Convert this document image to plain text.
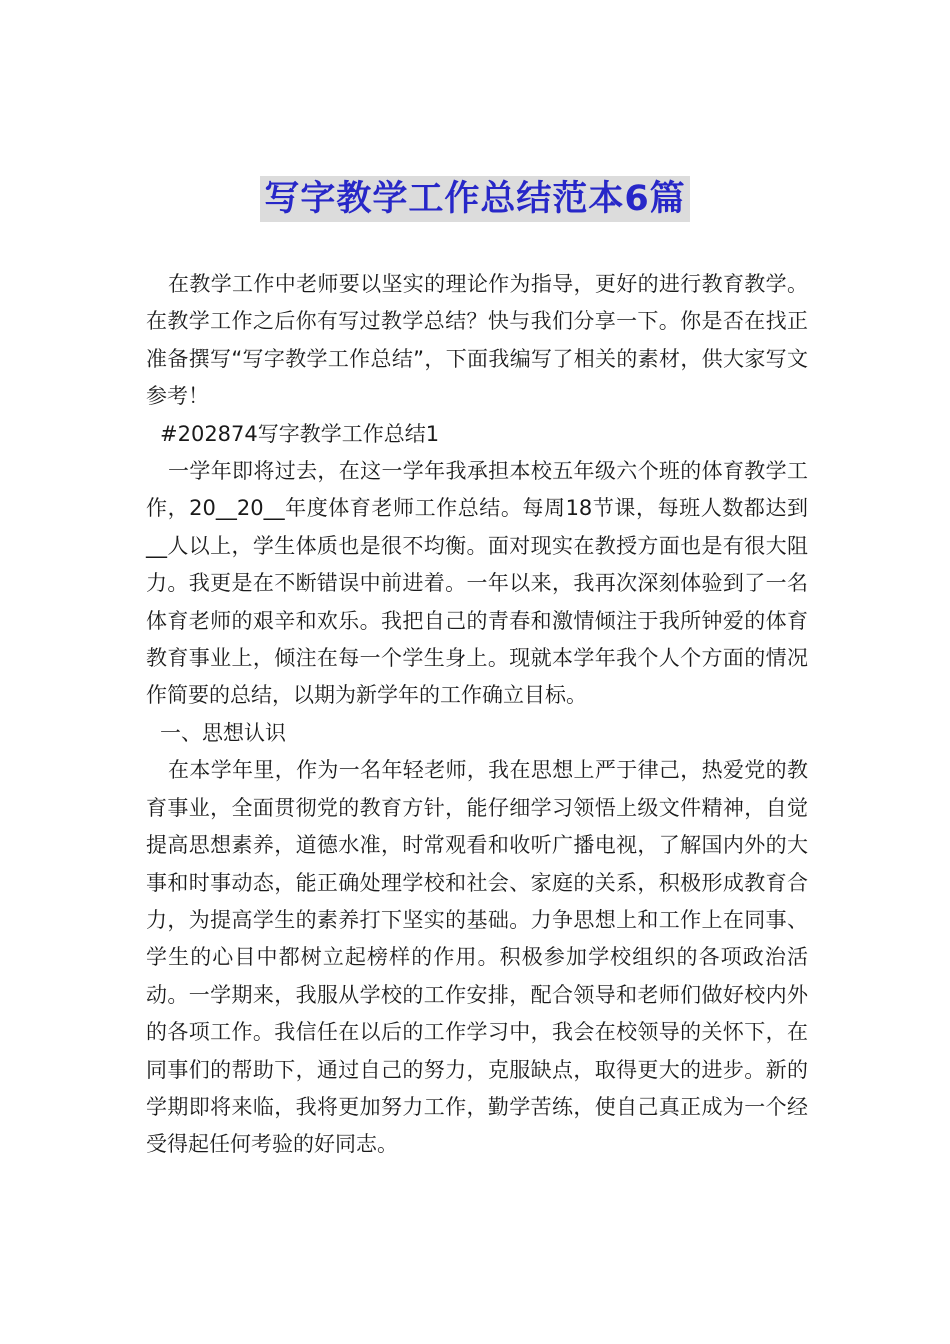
写字教学工作总结范本6篇

在教学工作中老师要以坚实的理论作为指导，更好的进行教育教学。在教学工作之后你有写过教学总结？快与我们分享一下。你是否在找正准备撰写“写字教学工作总结”，下面我编写了相关的素材，供大家写文参考！

#202874写字教学工作总结1

一学年即将过去，在这一学年我承担本校五年级六个班的体育教学工作，20__20__年度体育老师工作总结。每周18节课，每班人数都达到__人以上，学生体质也是很不均衡。面对现实在教授方面也是有很大阻力。我更是在不断错误中前进着。一年以来，我再次深刻体验到了一名体育老师的艰辛和欢乐。我把自己的青春和激情倾注于我所钟爱的体育教育事业上，倾注在每一个学生身上。现就本学年我个人个方面的情况作简要的总结，以期为新学年的工作确立目标。

一、思想认识

在本学年里，作为一名年轻老师，我在思想上严于律己，热爱党的教育事业，全面贯彻党的教育方针，能仔细学习领悟上级文件精神，自觉提高思想素养，道德水准，时常观看和收听广播电视，了解国内外的大事和时事动态，能正确处理学校和社会、家庭的关系，积极形成教育合力，为提高学生的素养打下坚实的基础。力争思想上和工作上在同事、学生的心目中都树立起榜样的作用。积极参加学校组织的各项政治活动。一学期来，我服从学校的工作安排，配合领导和老师们做好校内外的各项工作。我信任在以后的工作学习中，我会在校领导的关怀下，在同事们的帮助下，通过自己的努力，克服缺点，取得更大的进步。新的学期即将来临，我将更加努力工作，勤学苦练，使自己真正成为一个经受得起任何考验的好同志。
